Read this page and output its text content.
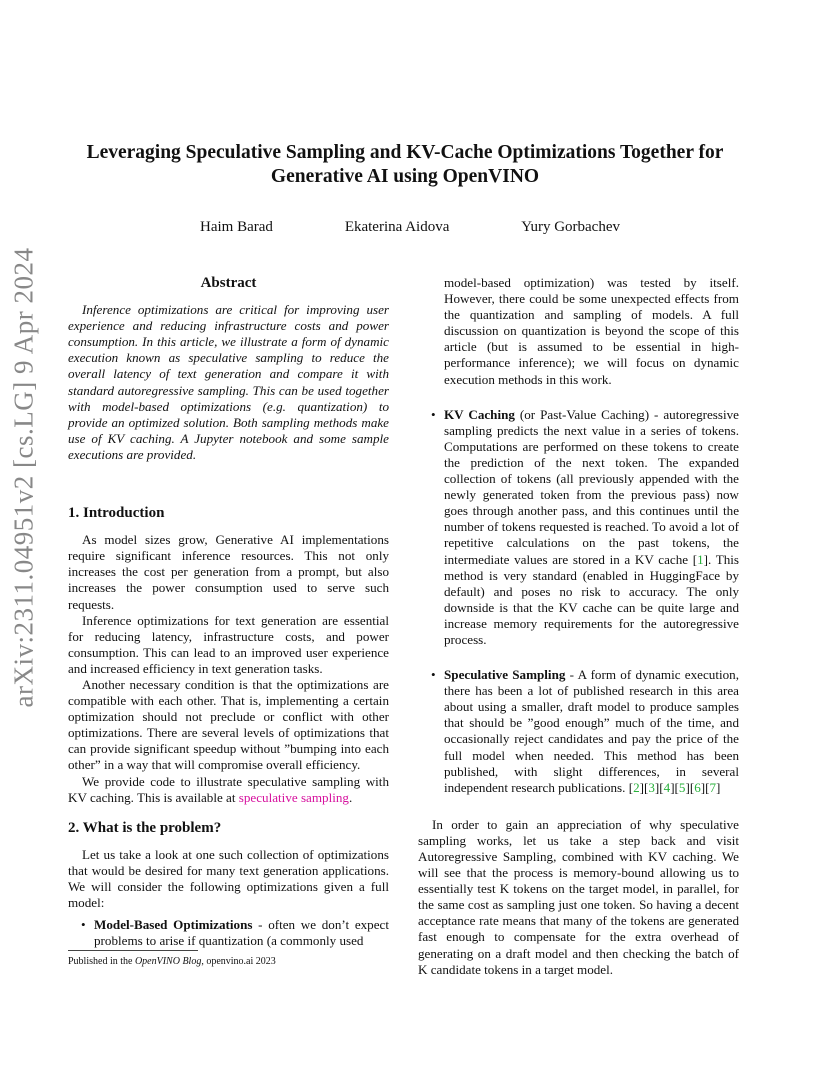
arXiv:2311.04951v2 [cs.LG] 9 Apr 2024
Leveraging Speculative Sampling and KV-Cache Optimizations Together for
Generative AI using OpenVINO
Haim Barad	Ekaterina Aidova	Yury Gorbachev
Abstract

Inference optimizations are critical for improving user experience and reducing infrastructure costs and power consumption. In this article, we illustrate a form of dynamic execution known as speculative sampling to reduce the overall latency of text generation and compare it with standard autoregressive sampling. This can be used together with model-based optimizations (e.g. quantization) to provide an optimized solution. Both sampling methods make use of KV caching. A Jupyter notebook and some sample executions are provided.

1. Introduction

As model sizes grow, Generative AI implementations require significant inference resources. This not only increases the cost per generation from a prompt, but also increases the power consumption used to serve such requests.

Inference optimizations for text generation are essential for reducing latency, infrastructure costs, and power consumption. This can lead to an improved user experience and increased efficiency in text generation tasks.

Another necessary condition is that the optimizations are compatible with each other. That is, implementing a certain optimization should not preclude or conflict with other optimizations. There are several levels of optimizations that can provide significant speedup without ”bumping into each other” in a way that will compromise overall efficiency.

We provide code to illustrate speculative sampling with KV caching. This is available at speculative sampling.

2. What is the problem?

Let us take a look at one such collection of optimizations that would be desired for many text generation applications. We will consider the following optimizations given a full model:

• Model-Based Optimizations - often we don’t expect problems to arise if quantization (a commonly used

model-based optimization) was tested by itself. However, there could be some unexpected effects from the quantization and sampling of models. A full discussion on quantization is beyond the scope of this article (but is assumed to be essential in high-performance inference); we will focus on dynamic execution methods in this work.

• KV Caching (or Past-Value Caching) - autoregressive sampling predicts the next value in a series of tokens. Computations are performed on these tokens to create the prediction of the next token. The expanded collection of tokens (all previously appended with the newly generated token from the previous pass) now goes through another pass, and this continues until the number of tokens requested is reached. To avoid a lot of repetitive calculations on the past tokens, the intermediate values are stored in a KV cache [1]. This method is very standard (enabled in HuggingFace by default) and poses no risk to accuracy. The only downside is that the KV cache can be quite large and increase memory requirements for the autoregressive process.

• Speculative Sampling - A form of dynamic execution, there has been a lot of published research in this area about using a smaller, draft model to produce samples that should be ”good enough” much of the time, and occasionally reject candidates and pay the price of the full model when needed. This method has been published, with slight differences, in several independent research publications. [2][3][4][5][6][7]

In order to gain an appreciation of why speculative sampling works, let us take a step back and visit Autoregressive Sampling, combined with KV caching. We will see that the process is memory-bound allowing us to essentially test K tokens on the target model, in parallel, for the same cost as sampling just one token. So having a decent acceptance rate means that many of the tokens are generated fast enough to compensate for the extra overhead of generating on a draft model and then checking the batch of K candidate tokens in a target model.

Published in the OpenVINO Blog, openvino.ai 2023
